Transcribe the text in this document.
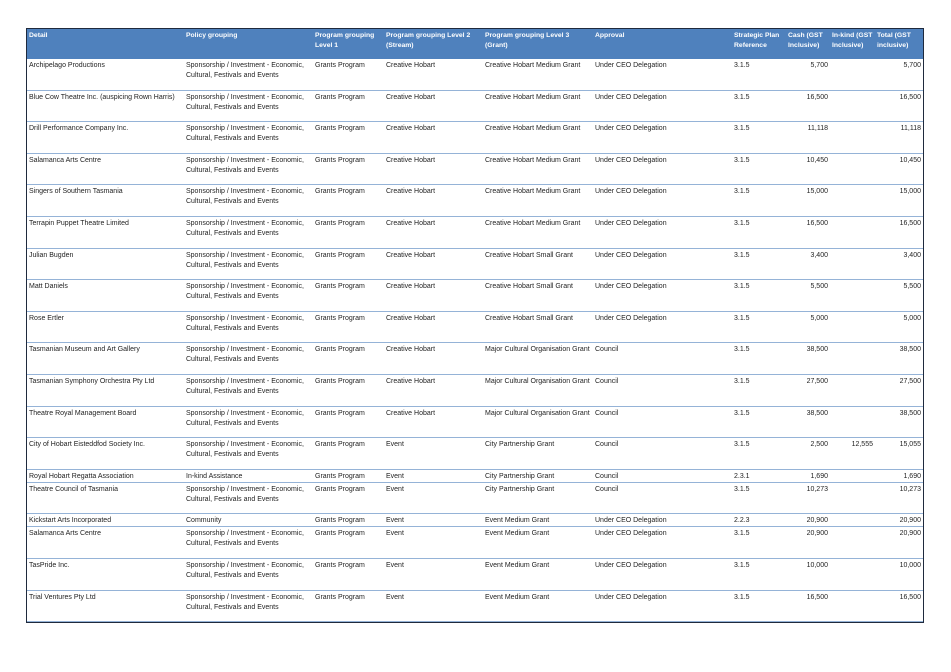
Detail	Policy grouping	Program grouping Level 1	Program grouping Level 2 (Stream)	Program grouping Level 3 (Grant)	Approval	Strategic Plan Reference	Cash (GST Inclusive)	In-kind (GST Inclusive)	Total (GST inclusive)
Archipelago Productions	Sponsorship / Investment - Economic, Cultural, Festivals and Events	Grants Program	Creative Hobart	Creative Hobart Medium Grant	Under CEO Delegation	3.1.5	5,700		5,700
Blue Cow Theatre Inc. (auspicing Rown Harris)	Sponsorship / Investment - Economic, Cultural, Festivals and Events	Grants Program	Creative Hobart	Creative Hobart Medium Grant	Under CEO Delegation	3.1.5	16,500		16,500
Drill Performance Company Inc.	Sponsorship / Investment - Economic, Cultural, Festivals and Events	Grants Program	Creative Hobart	Creative Hobart Medium Grant	Under CEO Delegation	3.1.5	11,118		11,118
Salamanca Arts Centre	Sponsorship / Investment - Economic, Cultural, Festivals and Events	Grants Program	Creative Hobart	Creative Hobart Medium Grant	Under CEO Delegation	3.1.5	10,450		10,450
Singers of Southern Tasmania	Sponsorship / Investment - Economic, Cultural, Festivals and Events	Grants Program	Creative Hobart	Creative Hobart Medium Grant	Under CEO Delegation	3.1.5	15,000		15,000
Terrapin Puppet Theatre Limited	Sponsorship / Investment - Economic, Cultural, Festivals and Events	Grants Program	Creative Hobart	Creative Hobart Medium Grant	Under CEO Delegation	3.1.5	16,500		16,500
Julian Bugden	Sponsorship / Investment - Economic, Cultural, Festivals and Events	Grants Program	Creative Hobart	Creative Hobart Small Grant	Under CEO Delegation	3.1.5	3,400		3,400
Matt Daniels	Sponsorship / Investment - Economic, Cultural, Festivals and Events	Grants Program	Creative Hobart	Creative Hobart Small Grant	Under CEO Delegation	3.1.5	5,500		5,500
Rose Ertler	Sponsorship / Investment - Economic, Cultural, Festivals and Events	Grants Program	Creative Hobart	Creative Hobart Small Grant	Under CEO Delegation	3.1.5	5,000		5,000
Tasmanian Museum and Art Gallery	Sponsorship / Investment - Economic, Cultural, Festivals and Events	Grants Program	Creative Hobart	Major Cultural Organisation Grant	Council	3.1.5	38,500		38,500
Tasmanian Symphony Orchestra Pty Ltd	Sponsorship / Investment - Economic, Cultural, Festivals and Events	Grants Program	Creative Hobart	Major Cultural Organisation Grant	Council	3.1.5	27,500		27,500
Theatre Royal Management Board	Sponsorship / Investment - Economic, Cultural, Festivals and Events	Grants Program	Creative Hobart	Major Cultural Organisation Grant	Council	3.1.5	38,500		38,500
City of Hobart Eisteddfod Society Inc.	Sponsorship / Investment - Economic, Cultural, Festivals and Events	Grants Program	Event	City Partnership Grant	Council	3.1.5	2,500	12,555	15,055
Royal Hobart Regatta Association	In-kind Assistance	Grants Program	Event	City Partnership Grant	Council	2.3.1	1,690		1,690
Theatre Council of Tasmania	Sponsorship / Investment - Economic, Cultural, Festivals and Events	Grants Program	Event	City Partnership Grant	Council	3.1.5	10,273		10,273
Kickstart Arts Incorporated	Community	Grants Program	Event	Event Medium Grant	Under CEO Delegation	2.2.3	20,900		20,900
Salamanca Arts Centre	Sponsorship / Investment - Economic, Cultural, Festivals and Events	Grants Program	Event	Event Medium Grant	Under CEO Delegation	3.1.5	20,900		20,900
TasPride Inc.	Sponsorship / Investment - Economic, Cultural, Festivals and Events	Grants Program	Event	Event Medium Grant	Under CEO Delegation	3.1.5	10,000		10,000
Trial Ventures Pty Ltd	Sponsorship / Investment - Economic, Cultural, Festivals and Events	Grants Program	Event	Event Medium Grant	Under CEO Delegation	3.1.5	16,500		16,500
